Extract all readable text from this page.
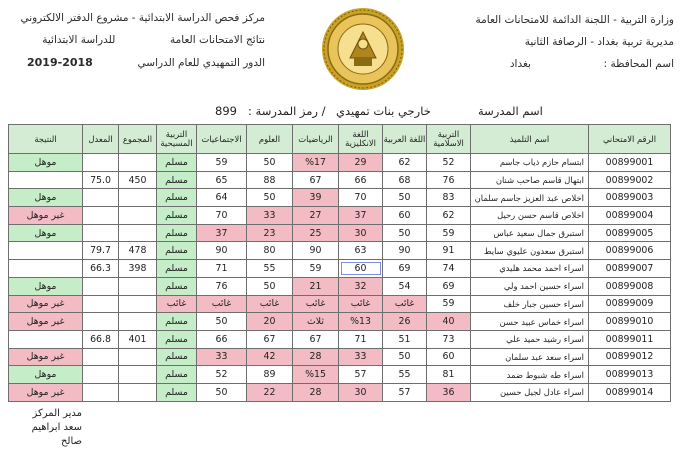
وزارة التربية - اللجنة الدائمة للامتحانات العامة
مديرية تربية بغداد - الرصافة الثانية
اسم المحافظة :  بغداد
مركز فحص الدراسة الابتدائية - مشروع الدفتر الالكتروني
نتائج الامتحانات العامة  للدراسة الابتدائية
الدور التمهيدي للعام الدراسي  2018-2019
اسم المدرسة
خارجي بنات تمهيدي
/ رمز المدرسة :
899
الرقم الامتحاني	اسم التلميذ	التربية الاسلامية	اللغة العربية	اللغة الانكليزية	الرياضيات	العلوم	الاجتماعيات	التربية المسيحية	المجموع	المعدل	النتيجة
00899001	ابتسام حازم ذياب جاسم	52	62	29	%17	50	59	مسلم			موهل
00899002	ابتهال قاسم صاحب شنان	76	68	66	67	88	65	مسلم	450	75.0	
00899003	اخلاص عبد العزيز جاسم سلمان	83	50	70	39	50	64	مسلم			موهل
00899004	اخلاص قاسم حسن رحيل	62	60	37	27	33	70	مسلم			غير موهل
00899005	استبرق جمال سعيد عباس	59	50	30	25	23	37	مسلم			موهل
00899006	استبرق سعدون عليوي سايط	91	90	63	90	80	90	مسلم	478	79.7	
00899007	اسراء احمد محمد هليدي	74	69	60	59	55	71	مسلم	398	66.3	
00899008	اسراء حسين احمد ولي	69	54	32	21	50	76	مسلم			موهل
00899009	اسراء حسين جبار خلف	59	غائب	غائب	غائب	غائب	غائب	غائب			غير موهل
00899010	اسراء خماس عبيد حسن	40	26	%13	ثلاث	20	50	مسلم			غير موهل
00899011	اسراء رشيد حميد علي	73	51	71	67	67	66	مسلم	401	66.8	
00899012	اسراء سعد عبد سلمان	60	50	33	28	42	33	مسلم			غير موهل
00899013	اسراء طه شبوط ضمد	81	55	57	%15	89	52	مسلم			موهل
00899014	اسراء عادل لجيل حسين	36	57	30	28	22	50	مسلم			غير موهل
مدير المركز
سعد ابراهيم صالح
